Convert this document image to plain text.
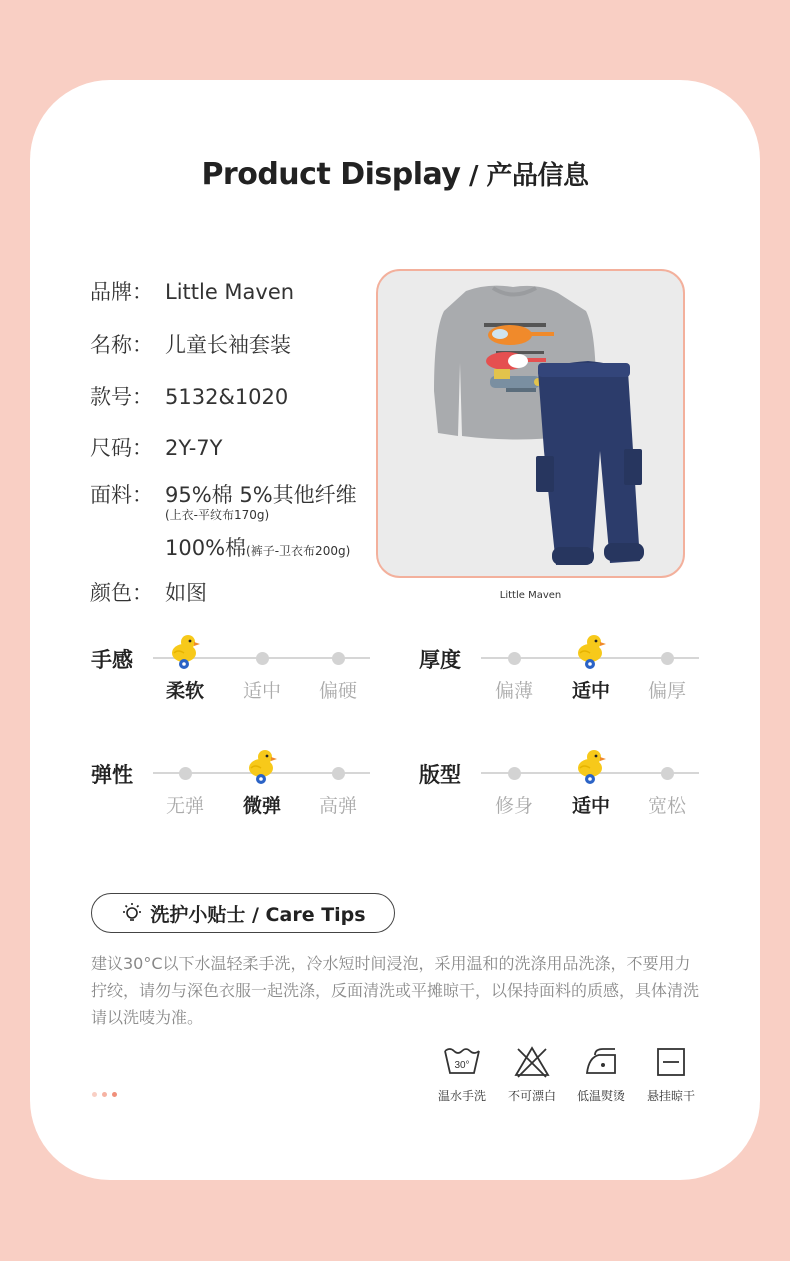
Product Display / 产品信息
品牌： Little Maven
名称： 儿童长袖套装
款号： 5132&1020
尺码： 2Y-7Y
面料： 95%棉 5%其他纤维
(上衣-平纹布170g)
100%棉(裤子-卫衣布200g)
颜色： 如图	Little Maven
手感
柔软	适中	偏硬
厚度
偏薄	适中	偏厚
弹性
无弹	微弹	高弹
版型
修身	适中	宽松
洗护小贴士 / Care Tips

建议30°C以下水温轻柔手洗，冷水短时间浸泡，采用温和的洗涤用品洗涤，不要用力拧绞，请勿与深色衣服一起洗涤，反面清洗或平摊晾干，以保持面料的质感，具体清洗请以洗唛为准。

30°
温水手洗	不可漂白	低温熨烫	悬挂晾干
